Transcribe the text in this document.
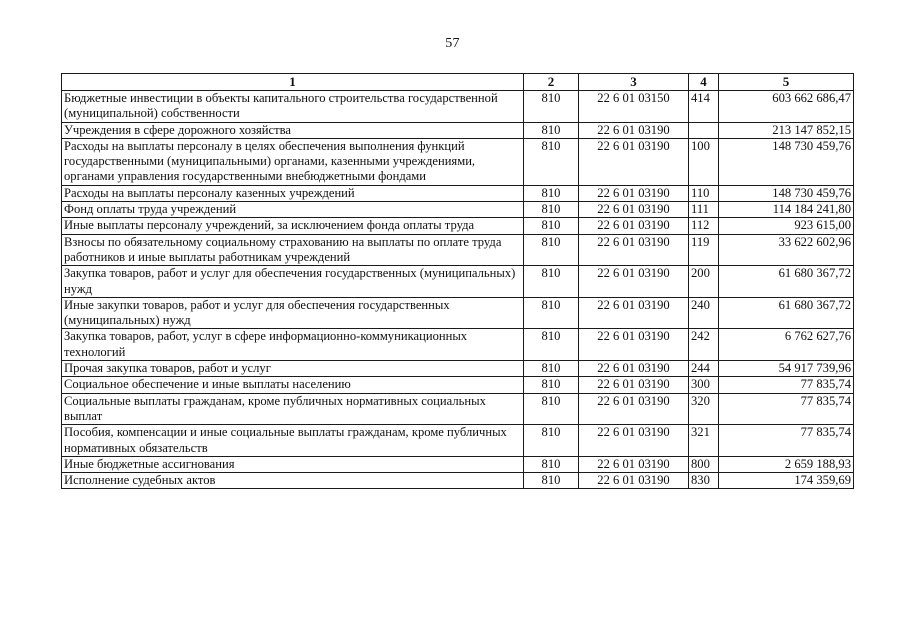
57
1	2	3	4	5
Бюджетные инвестиции в объекты капитального строительства государственной (муниципальной) собственности	810	22 6 01 03150	414	603 662 686,47
Учреждения в сфере дорожного хозяйства	810	22 6 01 03190		213 147 852,15
Расходы на выплаты персоналу в целях обеспечения выполнения функций государственными (муниципальными) органами, казенными учреждениями, органами управления государственными внебюджетными фондами	810	22 6 01 03190	100	148 730 459,76
Расходы на выплаты персоналу казенных учреждений	810	22 6 01 03190	110	148 730 459,76
Фонд оплаты труда учреждений	810	22 6 01 03190	111	114 184 241,80
Иные выплаты персоналу учреждений, за исключением фонда оплаты труда	810	22 6 01 03190	112	923 615,00
Взносы по обязательному социальному страхованию на выплаты по оплате труда работников и иные выплаты работникам учреждений	810	22 6 01 03190	119	33 622 602,96
Закупка товаров, работ и услуг для обеспечения государственных (муниципальных) нужд	810	22 6 01 03190	200	61 680 367,72
Иные закупки товаров, работ и услуг для обеспечения государственных (муниципальных) нужд	810	22 6 01 03190	240	61 680 367,72
Закупка товаров, работ, услуг в сфере информационно-коммуникационных технологий	810	22 6 01 03190	242	6 762 627,76
Прочая закупка товаров, работ и услуг	810	22 6 01 03190	244	54 917 739,96
Социальное обеспечение и иные выплаты населению	810	22 6 01 03190	300	77 835,74
Социальные выплаты гражданам, кроме публичных нормативных социальных выплат	810	22 6 01 03190	320	77 835,74
Пособия, компенсации и иные социальные выплаты гражданам, кроме публичных нормативных обязательств	810	22 6 01 03190	321	77 835,74
Иные бюджетные ассигнования	810	22 6 01 03190	800	2 659 188,93
Исполнение судебных актов	810	22 6 01 03190	830	174 359,69
